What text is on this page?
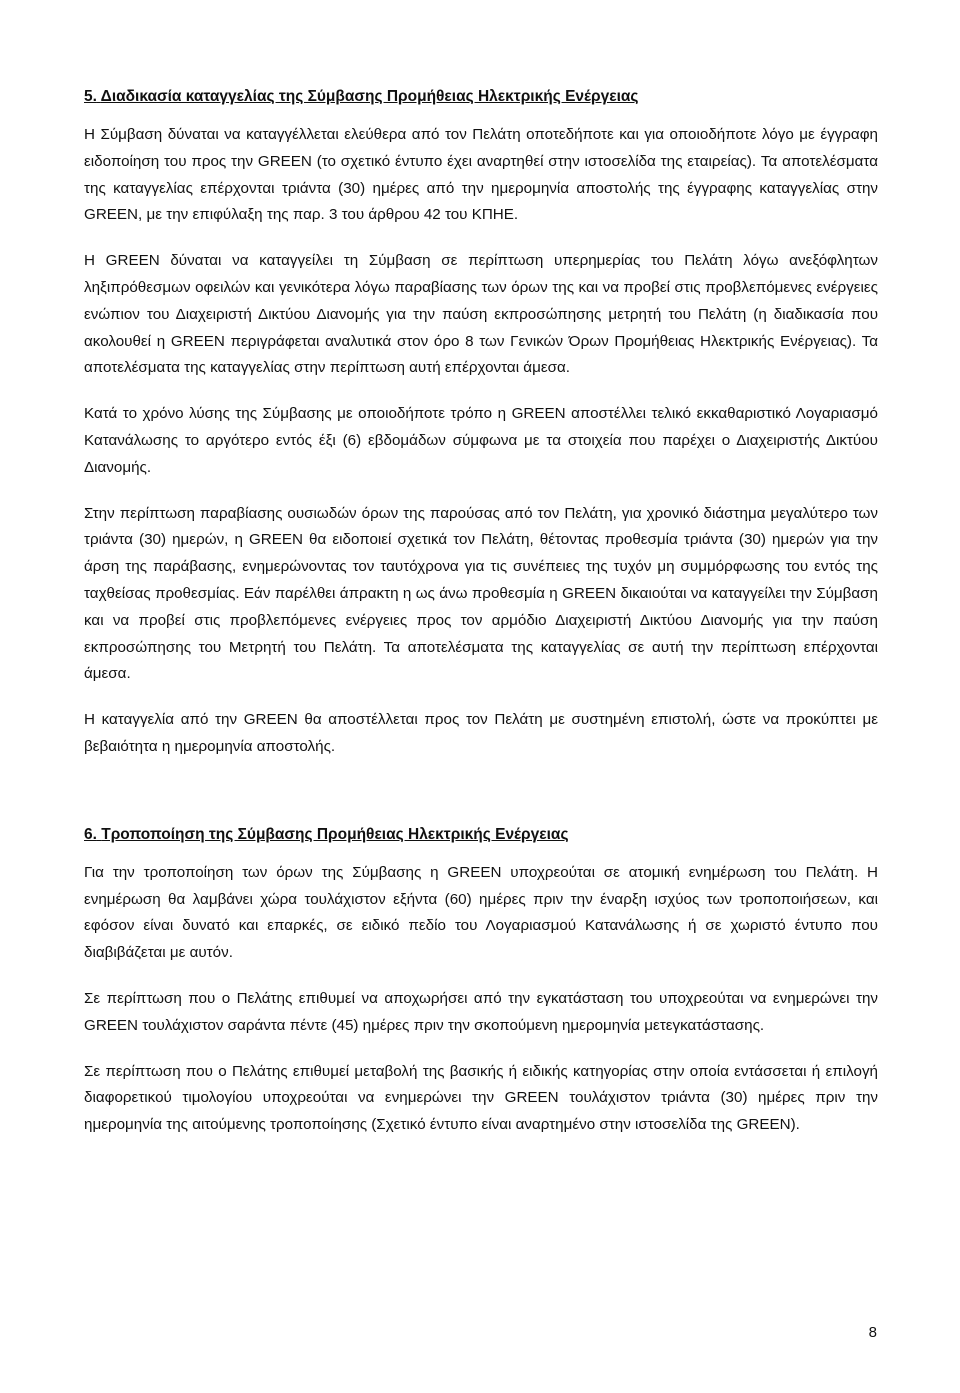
5. Διαδικασία καταγγελίας της Σύμβασης Προμήθειας Ηλεκτρικής Ενέργειας

Η Σύμβαση δύναται να καταγγέλλεται ελεύθερα από τον Πελάτη οποτεδήποτε και για οποιοδήποτε λόγο με έγγραφη ειδοποίηση του προς την GREEN (το σχετικό έντυπο έχει αναρτηθεί στην ιστοσελίδα της εταιρείας). Τα αποτελέσματα της καταγγελίας επέρχονται τριάντα (30) ημέρες από την ημερομηνία αποστολής της έγγραφης καταγγελίας στην GREEN, με την επιφύλαξη της παρ. 3 του άρθρου 42 του ΚΠΗΕ.

Η GREEN δύναται να καταγγείλει τη Σύμβαση σε περίπτωση υπερημερίας του Πελάτη λόγω ανεξόφλητων ληξιπρόθεσμων οφειλών και γενικότερα λόγω παραβίασης των όρων της και να προβεί στις προβλεπόμενες ενέργειες ενώπιον του Διαχειριστή Δικτύου Διανομής για την παύση εκπροσώπησης μετρητή του Πελάτη (η διαδικασία που ακολουθεί η GREEN περιγράφεται αναλυτικά στον όρο 8 των Γενικών Όρων Προμήθειας Ηλεκτρικής Ενέργειας). Τα αποτελέσματα της καταγγελίας στην περίπτωση αυτή επέρχονται άμεσα.

Κατά το χρόνο λύσης της Σύμβασης με οποιοδήποτε τρόπο η GREEN αποστέλλει τελικό εκκαθαριστικό Λογαριασμό Κατανάλωσης το αργότερο εντός έξι (6) εβδομάδων σύμφωνα με τα στοιχεία που παρέχει ο Διαχειριστής Δικτύου Διανομής.

Στην περίπτωση παραβίασης ουσιωδών όρων της παρούσας από τον Πελάτη, για χρονικό διάστημα μεγαλύτερο των τριάντα (30) ημερών, η GREEN θα ειδοποιεί σχετικά τον Πελάτη, θέτοντας προθεσμία τριάντα (30) ημερών για την άρση της παράβασης, ενημερώνοντας τον ταυτόχρονα για τις συνέπειες της τυχόν μη συμμόρφωσης του εντός της ταχθείσας προθεσμίας. Εάν παρέλθει άπρακτη η ως άνω προθεσμία η GREEN δικαιούται να καταγγείλει την Σύμβαση και να προβεί στις προβλεπόμενες ενέργειες προς τον αρμόδιο Διαχειριστή Δικτύου Διανομής για την παύση εκπροσώπησης του Μετρητή του Πελάτη. Τα αποτελέσματα της καταγγελίας σε αυτή την περίπτωση επέρχονται άμεσα.

Η καταγγελία από την GREEN θα αποστέλλεται προς τον Πελάτη με συστημένη επιστολή, ώστε να προκύπτει με βεβαιότητα η ημερομηνία αποστολής.

6. Τροποποίηση της Σύμβασης Προμήθειας Ηλεκτρικής Ενέργειας

Για την τροποποίηση των όρων της Σύμβασης η GREEN υποχρεούται σε ατομική ενημέρωση του Πελάτη. Η ενημέρωση θα λαμβάνει χώρα τουλάχιστον εξήντα (60) ημέρες πριν την έναρξη ισχύος των τροποποιήσεων, και εφόσον είναι δυνατό και επαρκές, σε ειδικό πεδίο του Λογαριασμού Κατανάλωσης ή σε χωριστό έντυπο που διαβιβάζεται με αυτόν.

Σε περίπτωση που ο Πελάτης επιθυμεί να αποχωρήσει από την εγκατάσταση του υποχρεούται να ενημερώνει την GREEN τουλάχιστον σαράντα πέντε (45) ημέρες πριν την σκοπούμενη ημερομηνία μετεγκατάστασης.

Σε περίπτωση που ο Πελάτης επιθυμεί μεταβολή της βασικής ή ειδικής κατηγορίας στην οποία εντάσσεται ή επιλογή διαφορετικού τιμολογίου υποχρεούται να ενημερώνει την GREEN τουλάχιστον τριάντα (30) ημέρες πριν την ημερομηνία της αιτούμενης τροποποίησης (Σχετικό έντυπο είναι αναρτημένο στην ιστοσελίδα της GREEN).

8
